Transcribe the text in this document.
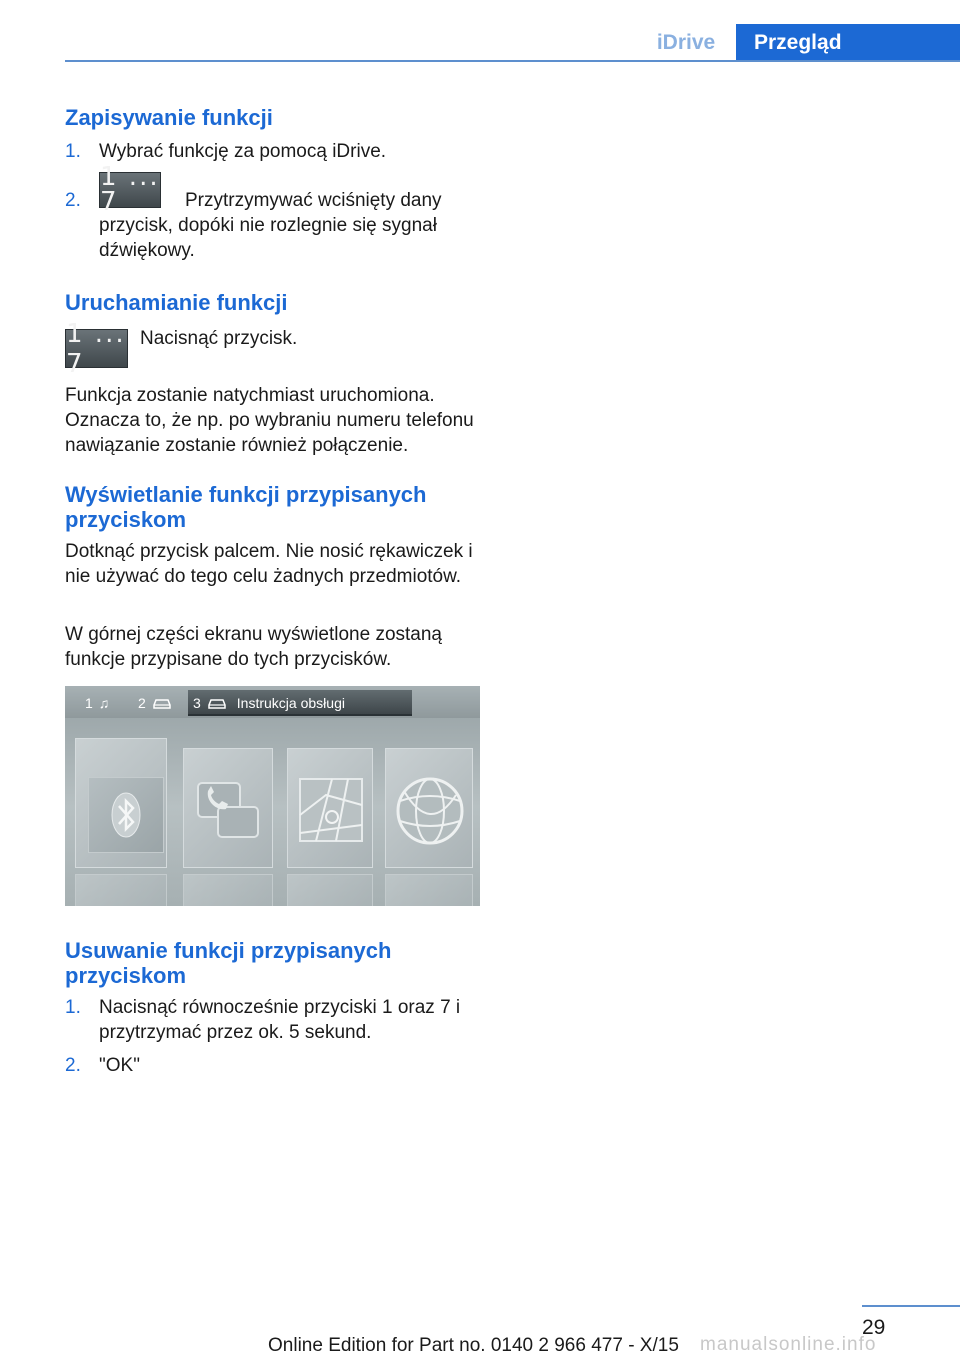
iDrive	Przegląd
Zapisywanie funkcji
1. Wybrać funkcję za pomocą iDrive.
2.
1 ... 7	Przytrzymywać wciśnięty dany przycisk, dopóki nie rozlegnie się sygnał dźwiękowy.
Uruchamianie funkcji
1 ... 7
Nacisnąć przycisk.
Funkcja zostanie natychmiast uruchomiona. Oznacza to, że np. po wybraniu numeru telefonu nawiązanie zostanie również połączenie.
Wyświetlanie funkcji przypisanych przyciskom
Dotknąć przycisk palcem. Nie nosić rękawiczek i nie używać do tego celu żadnych przedmiotów.
W górnej części ekranu wyświetlone zostaną funkcje przypisane do tych przycisków.
1 ♫ 2	3	Instrukcja obsługi
Usuwanie funkcji przypisanych przyciskom
1. Nacisnąć równocześnie przyciski 1 oraz 7 i przytrzymać przez ok. 5 sekund.
2. "OK"
29
Online Edition for Part no. 0140 2 966 477 - X/15 manualsonline.info
